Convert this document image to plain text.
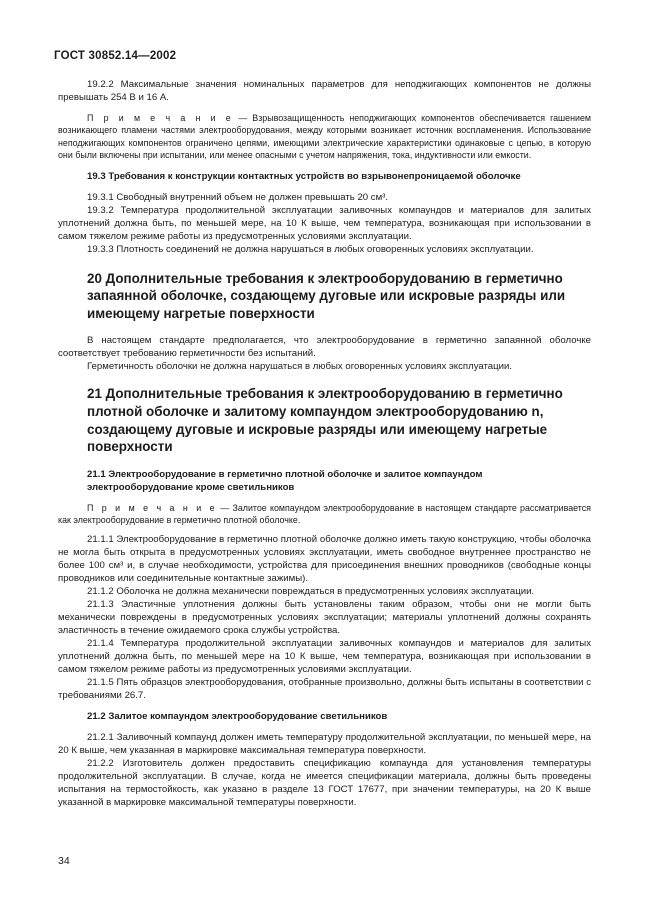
ГОСТ 30852.14—2002

19.2.2 Максимальные значения номинальных параметров для неподжигающих компонентов не должны превышать 254 В и 16 А.

П р и м е ч а н и е — Взрывозащищенность неподжигающих компонентов обеспечивается гашением возникающего пламени частями электрооборудования, между которыми возникает источник воспламенения. Использование неподжигающих компонентов ограничено цепями, имеющими электрические характеристики одинаковые с цепью, в которую они были включены при испытании, или менее опасными с учетом напряжения, тока, индуктивности или емкости.

19.3 Требования к конструкции контактных устройств во взрывонепроницаемой оболочке

19.3.1 Свободный внутренний объем не должен превышать 20 см³.

19.3.2 Температура продолжительной эксплуатации заливочных компаундов и материалов для залитых уплотнений должна быть, по меньшей мере, на 10 К выше, чем температура, возникающая при использовании в самом тяжелом режиме работы из предусмотренных условиями эксплуатации.

19.3.3 Плотность соединений не должна нарушаться в любых оговоренных условиях эксплуатации.

20 Дополнительные требования к электрооборудованию в герметично запаянной оболочке, создающему дуговые или искровые разряды или имеющему нагретые поверхности

В настоящем стандарте предполагается, что электрооборудование в герметично запаянной оболочке соответствует требованию герметичности без испытаний.

Герметичность оболочки не должна нарушаться в любых оговоренных условиях эксплуатации.

21 Дополнительные требования к электрооборудованию в герметично плотной оболочке и залитому компаундом электрооборудованию n, создающему дуговые и искровые разряды или имеющему нагретые поверхности

21.1 Электрооборудование в герметично плотной оболочке и залитое компаундом электрооборудование кроме светильников

П р и м е ч а н и е — Залитое компаундом электрооборудование в настоящем стандарте рассматривается как электрооборудование в герметично плотной оболочке.

21.1.1 Электрооборудование в герметично плотной оболочке должно иметь такую конструкцию, чтобы оболочка не могла быть открыта в предусмотренных условиях эксплуатации, иметь свободное внутреннее пространство не более 100 см³ и, в случае необходимости, устройства для присоединения внешних проводников (свободные концы проводников или соединительные контактные зажимы).

21.1.2 Оболочка не должна механически повреждаться в предусмотренных условиях эксплуатации.

21.1.3 Эластичные уплотнения должны быть установлены таким образом, чтобы они не могли быть механически повреждены в предусмотренных условиях эксплуатации; материалы уплотнений должны сохранять эластичность в течение ожидаемого срока службы устройства.

21.1.4 Температура продолжительной эксплуатации заливочных компаундов и материалов для залитых уплотнений должна быть, по меньшей мере на 10 К выше, чем температура, возникающая при использовании в самом тяжелом режиме работы из предусмотренных условиями эксплуатации.

21.1.5 Пять образцов электрооборудования, отобранные произвольно, должны быть испытаны в соответствии с требованиями 26.7.

21.2 Залитое компаундом электрооборудование светильников

21.2.1 Заливочный компаунд должен иметь температуру продолжительной эксплуатации, по меньшей мере, на 20 К выше, чем указанная в маркировке максимальная температура поверхности.

21.2.2 Изготовитель должен предоставить спецификацию компаунда для установления температуры продолжительной эксплуатации. В случае, когда не имеется спецификации материала, должны быть проведены испытания на термостойкость, как указано в разделе 13 ГОСТ 17677, при значении температуры, на 20 К выше указанной в маркировке максимальной температуры поверхности.

34
